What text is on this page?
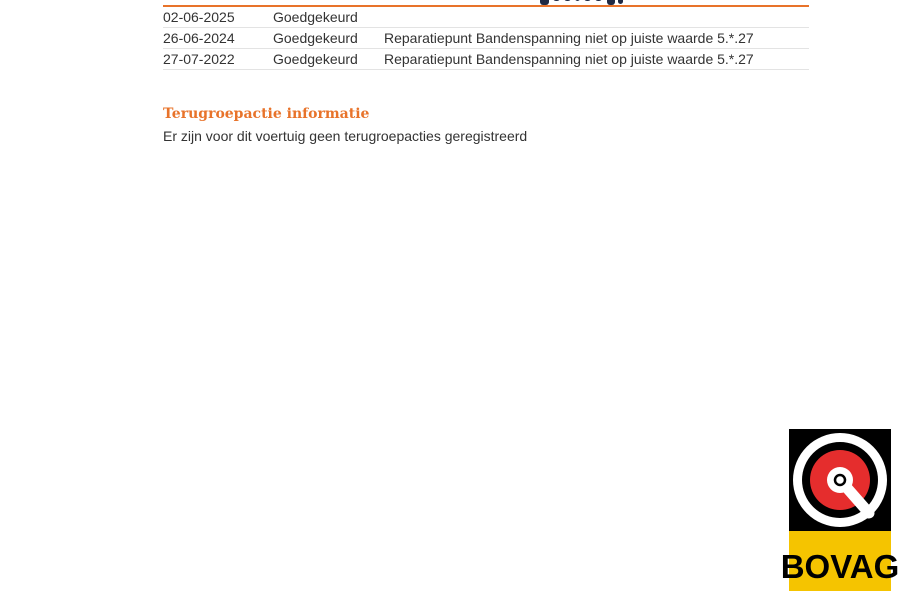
02-06-2025	Goedgekeurd	
26-06-2024	Goedgekeurd	Reparatiepunt Bandenspanning niet op juiste waarde 5.*.27
27-07-2022	Goedgekeurd	Reparatiepunt Bandenspanning niet op juiste waarde 5.*.27
Terugroepactie informatie
Er zijn voor dit voertuig geen terugroepacties geregistreerd
BOVAG
